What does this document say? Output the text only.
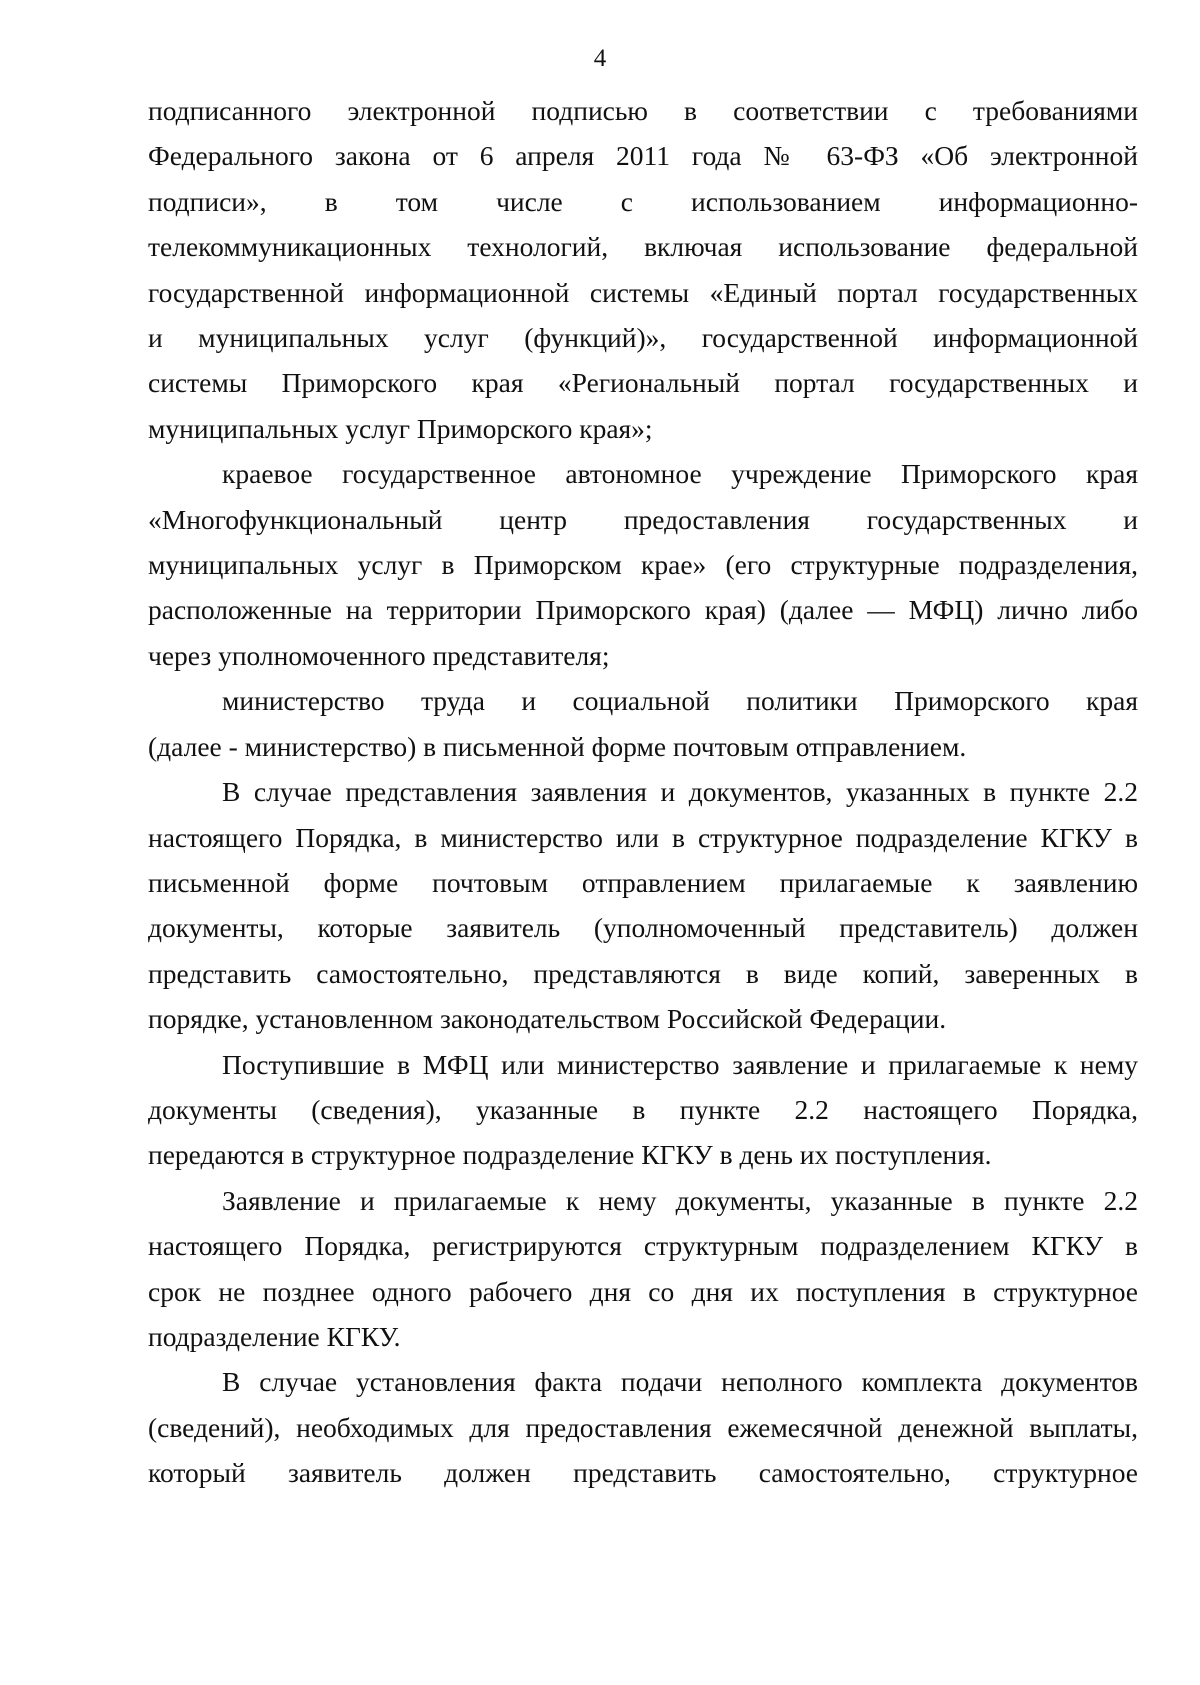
4
подписанного электронной подписью в соответствии с требованиями
Федерального закона от 6 апреля 2011 года № 63-ФЗ «Об электронной
подписи», в том числе с использованием информационно-
телекоммуникационных технологий, включая использование федеральной
государственной информационной системы «Единый портал государственных
и муниципальных услуг (функций)», государственной информационной
системы Приморского края «Региональный портал государственных и
муниципальных услуг Приморского края»;
краевое государственное автономное учреждение Приморского края
«Многофункциональный центр предоставления государственных и
муниципальных услуг в Приморском крае» (его структурные подразделения,
расположенные на территории Приморского края) (далее — МФЦ) лично либо
через уполномоченного представителя;
министерство труда и социальной политики Приморского края
(далее - министерство) в письменной форме почтовым отправлением.
В случае представления заявления и документов, указанных в пункте 2.2
настоящего Порядка, в министерство или в структурное подразделение КГКУ в
письменной форме почтовым отправлением прилагаемые к заявлению
документы, которые заявитель (уполномоченный представитель) должен
представить самостоятельно, представляются в виде копий, заверенных в
порядке, установленном законодательством Российской Федерации.
Поступившие в МФЦ или министерство заявление и прилагаемые к нему
документы (сведения), указанные в пункте 2.2 настоящего Порядка,
передаются в структурное подразделение КГКУ в день их поступления.
Заявление и прилагаемые к нему документы, указанные в пункте 2.2
настоящего Порядка, регистрируются структурным подразделением КГКУ в
срок не позднее одного рабочего дня со дня их поступления в структурное
подразделение КГКУ.
В случае установления факта подачи неполного комплекта документов
(сведений), необходимых для предоставления ежемесячной денежной выплаты,
который заявитель должен представить самостоятельно, структурное
